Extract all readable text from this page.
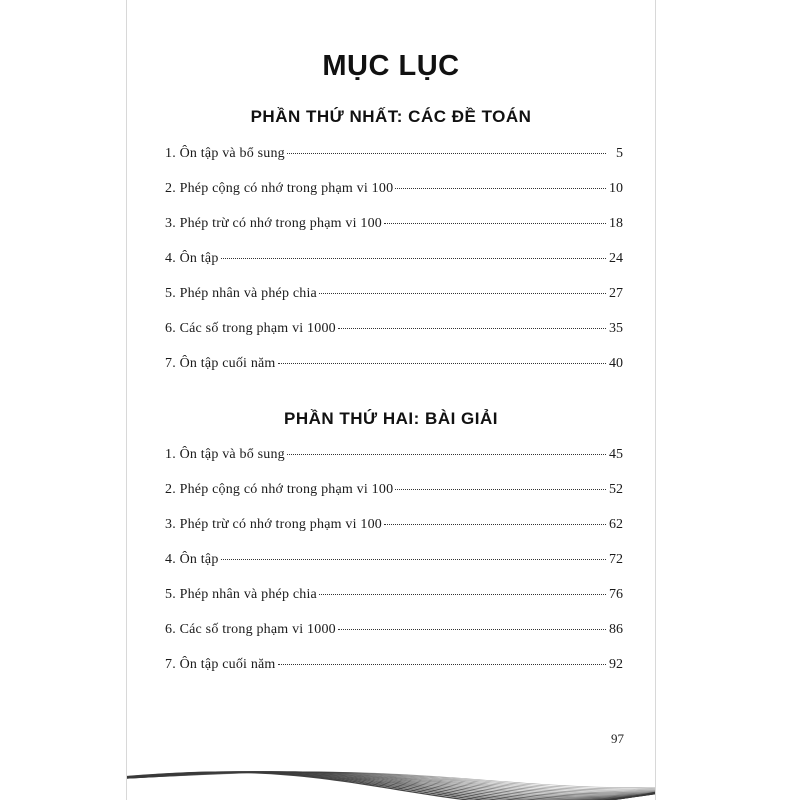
MỤC LỤC
PHẦN THỨ NHẤT: CÁC ĐỀ TOÁN
1. Ôn tập và bổ sung	5
2. Phép cộng có nhớ trong phạm vi 100	10
3. Phép trừ có nhớ trong phạm vi 100	18
4. Ôn tập	24
5. Phép nhân và phép chia	27
6. Các số trong phạm vi 1000	35
7. Ôn tập cuối năm	40
PHẦN THỨ HAI: BÀI GIẢI
1. Ôn tập và bổ sung	45
2. Phép cộng có nhớ trong phạm vi 100	52
3. Phép trừ có nhớ trong phạm vi 100	62
4. Ôn tập	72
5. Phép nhân và phép chia	76
6. Các số trong phạm vi 1000	86
7. Ôn tập cuối năm	92
97
